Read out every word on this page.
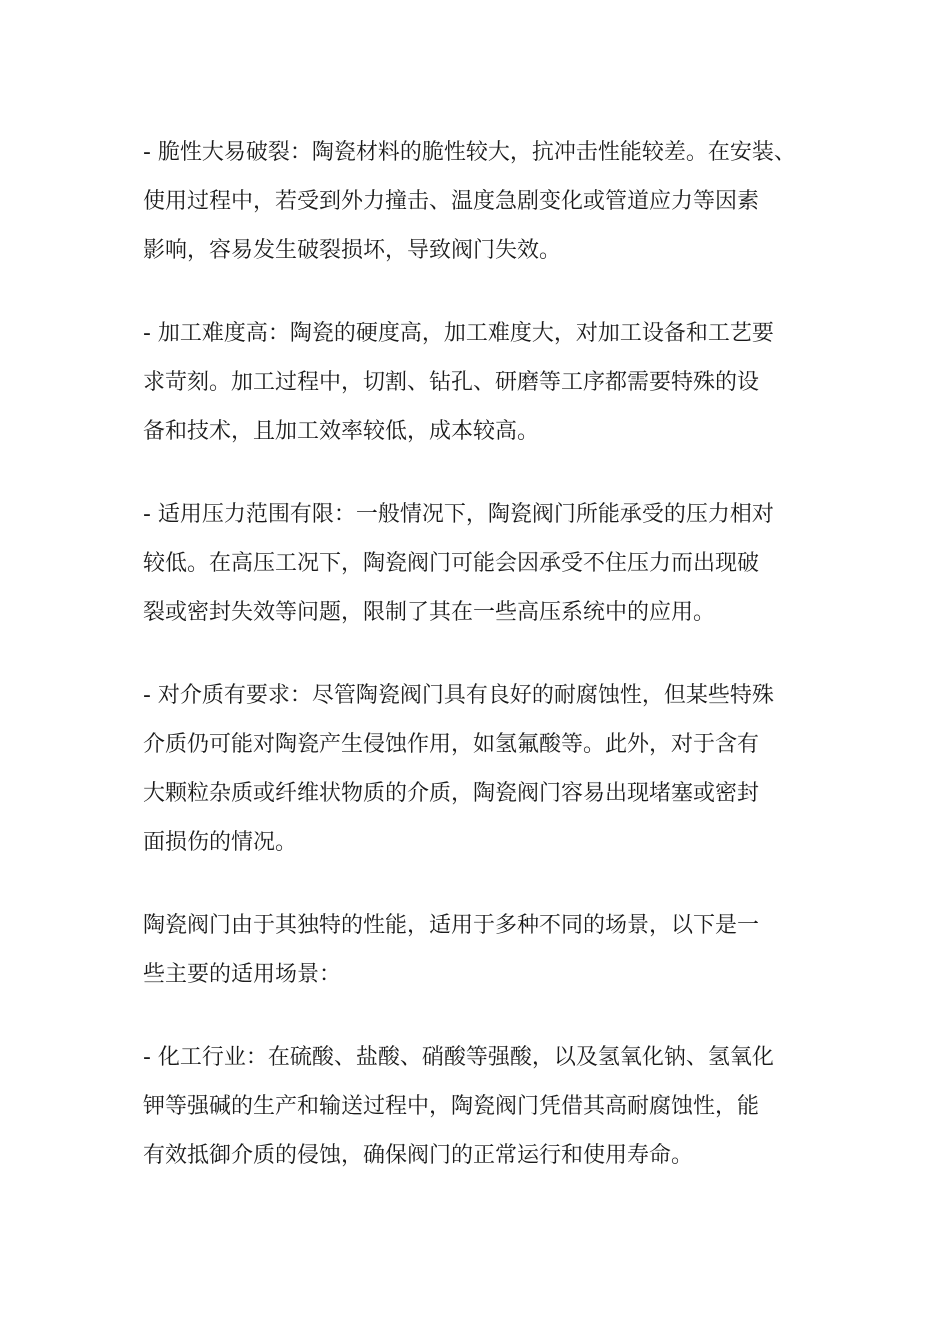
- 脆性大易破裂：陶瓷材料的脆性较大，抗冲击性能较差。在安装、
使用过程中，若受到外力撞击、温度急剧变化或管道应力等因素
影响，容易发生破裂损坏，导致阀门失效。

- 加工难度高：陶瓷的硬度高，加工难度大，对加工设备和工艺要
求苛刻。加工过程中，切割、钻孔、研磨等工序都需要特殊的设
备和技术，且加工效率较低，成本较高。

- 适用压力范围有限：一般情况下，陶瓷阀门所能承受的压力相对
较低。在高压工况下，陶瓷阀门可能会因承受不住压力而出现破
裂或密封失效等问题，限制了其在一些高压系统中的应用。

- 对介质有要求：尽管陶瓷阀门具有良好的耐腐蚀性，但某些特殊
介质仍可能对陶瓷产生侵蚀作用，如氢氟酸等。此外，对于含有
大颗粒杂质或纤维状物质的介质，陶瓷阀门容易出现堵塞或密封
面损伤的情况。

陶瓷阀门由于其独特的性能，适用于多种不同的场景，以下是一
些主要的适用场景：

- 化工行业：在硫酸、盐酸、硝酸等强酸，以及氢氧化钠、氢氧化
钾等强碱的生产和输送过程中，陶瓷阀门凭借其高耐腐蚀性，能
有效抵御介质的侵蚀，确保阀门的正常运行和使用寿命。
